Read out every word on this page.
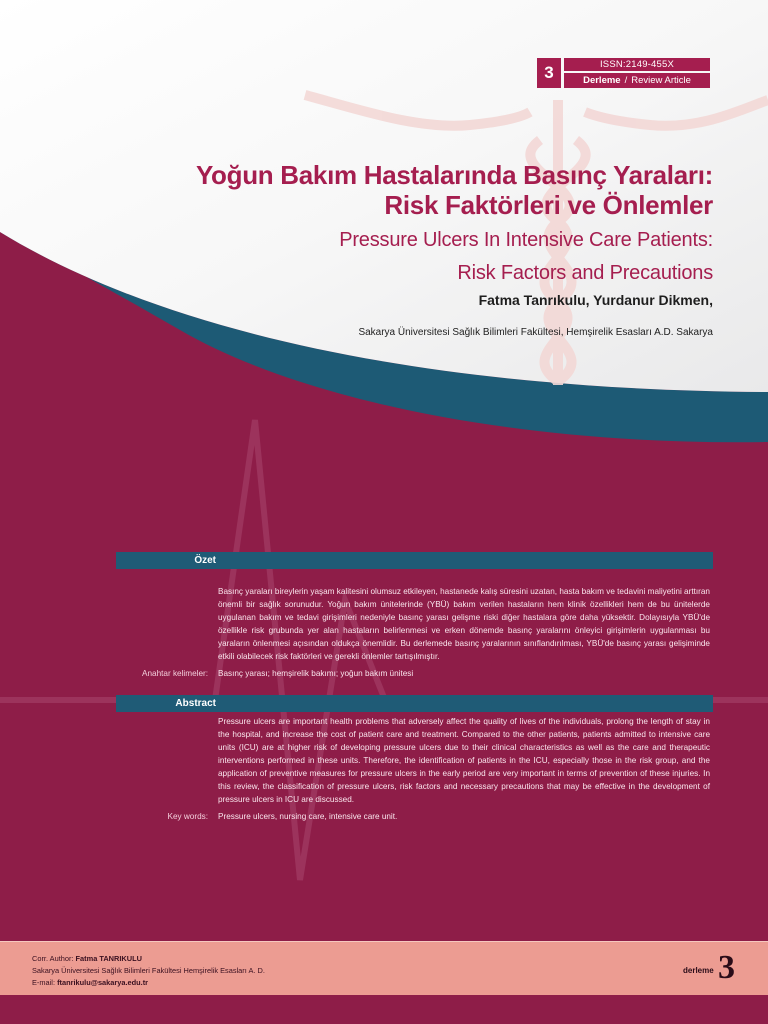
3	ISSN:2149-455X
Derleme / Review Article
Yoğun Bakım Hastalarında Basınç Yaraları:
Risk Faktörleri ve Önlemler
Pressure Ulcers In Intensive Care Patients:
Risk Factors and Precautions
Fatma Tanrıkulu, Yurdanur Dikmen,
Sakarya Üniversitesi Sağlık Bilimleri Fakültesi, Hemşirelik Esasları A.D. Sakarya
Özet
Basınç yaraları bireylerin yaşam kalitesini olumsuz etkileyen, hastanede kalış süresini uzatan, hasta bakım ve tedavini maliyetini arttıran önemli bir sağlık sorunudur. Yoğun bakım ünitelerinde (YBÜ) bakım verilen hastaların hem klinik özellikleri hem de bu ünitelerde uygulanan bakım ve tedavi girişimleri nedeniyle basınç yarası gelişme riski diğer hastalara göre daha yüksektir. Dolayısıyla YBÜ'de özellikle risk grubunda yer alan hastaların belirlenmesi ve erken dönemde basınç yaralarını önleyici girişimlerin uygulanması bu yaraların önlenmesi açısından oldukça önemlidir. Bu derlemede basınç yaralarının sınıflandırılması, YBÜ'de basınç yarası gelişiminde etkili olabilecek risk faktörleri ve gerekli önlemler tartışılmıştır.
Anahtar kelimeler: Basınç yarası; hemşirelik bakımı; yoğun bakım ünitesi
Abstract
Pressure ulcers are important health problems that adversely affect the quality of lives of the individuals, prolong the length of stay in the hospital, and increase the cost of patient care and treatment. Compared to the other patients, patients admitted to intensive care units (ICU) are at higher risk of developing pressure ulcers due to their clinical characteristics as well as the care and therapeutic interventions performed in these units. Therefore, the identification of patients in the ICU, especially those in the risk group, and the application of preventive measures for pressure ulcers in the early period are very important in terms of prevention of these injuries. In this review, the classification of pressure ulcers, risk factors and necessary precautions that may be effective in the development of pressure ulcers in ICU are discussed.
Key words: Pressure ulcers, nursing care, intensive care unit.
Corr. Author: Fatma TANRIKULU
Sakarya Üniversitesi Sağlık Bilimleri Fakültesi Hemşirelik Esasları A. D.
E-mail: ftanrikulu@sakarya.edu.tr
derleme 3
